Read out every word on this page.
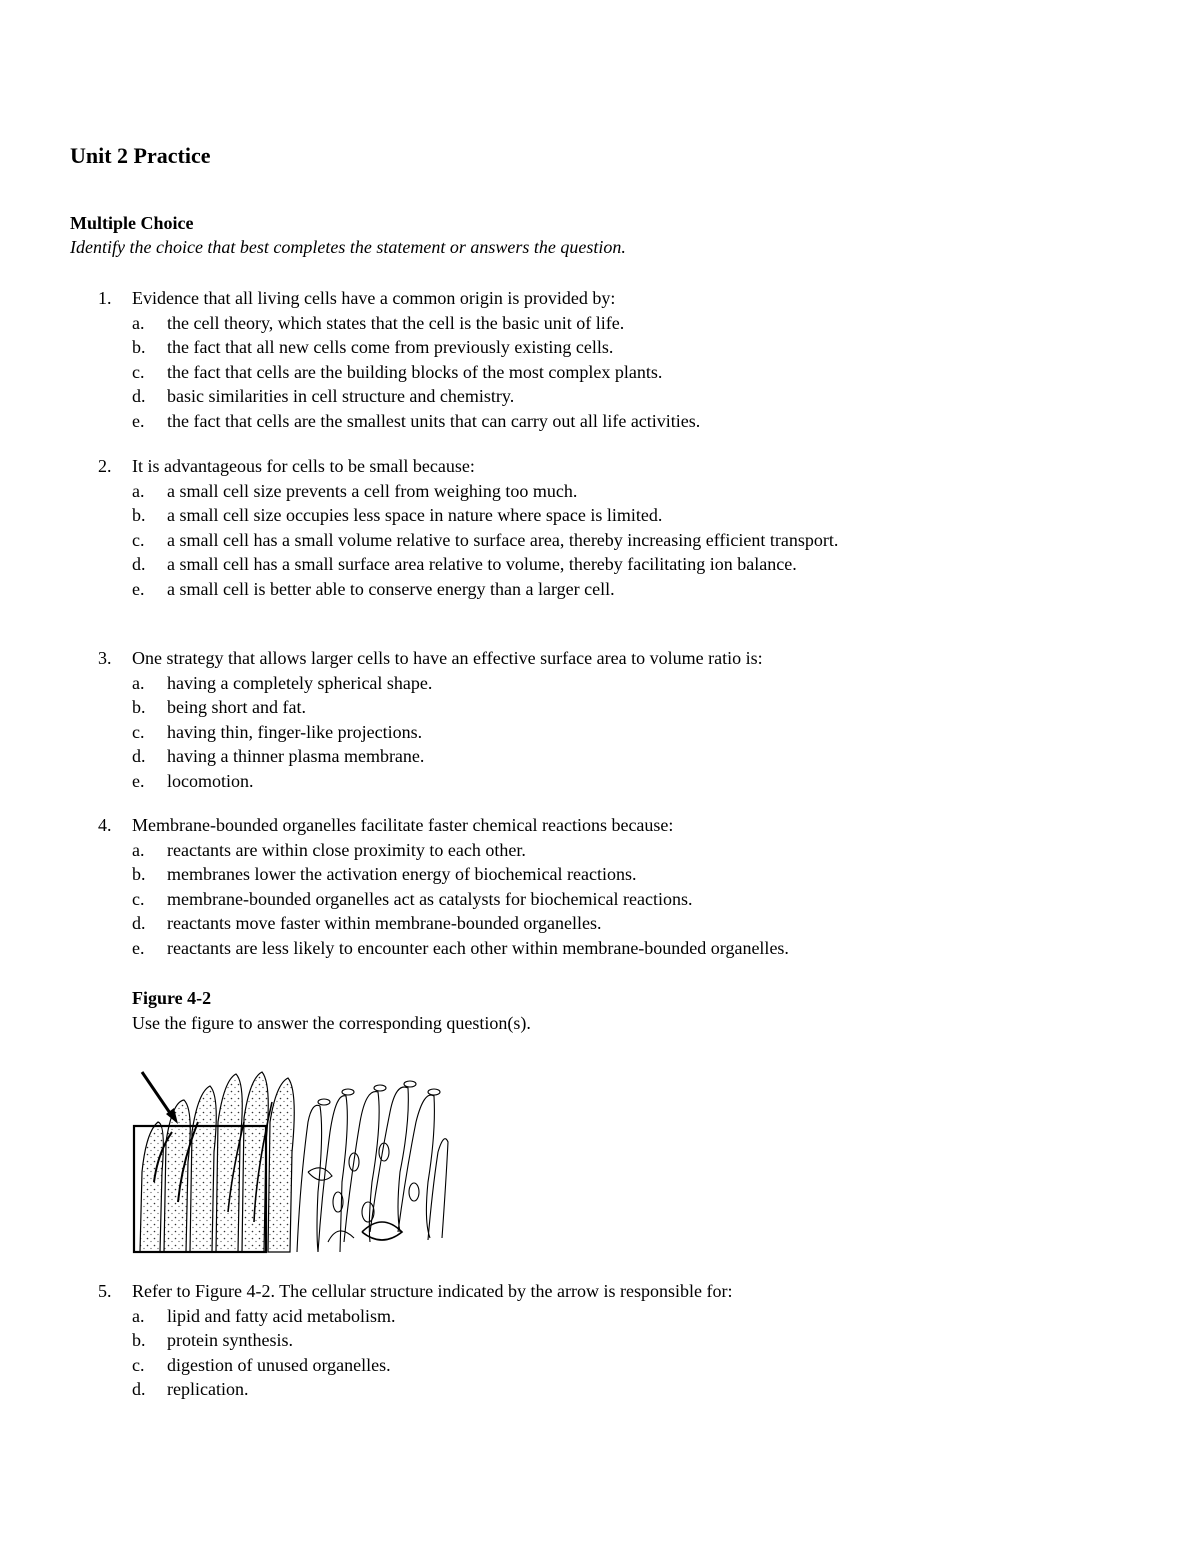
Unit 2 Practice
Multiple Choice
Identify the choice that best completes the statement or answers the question.
1.	Evidence that all living cells have a common origin is provided by:
a.	the cell theory, which states that the cell is the basic unit of life.
b.	the fact that all new cells come from previously existing cells.
c.	the fact that cells are the building blocks of the most complex plants.
d.	basic similarities in cell structure and chemistry.
e.	the fact that cells are the smallest units that can carry out all life activities.
2.	It is advantageous for cells to be small because:
a.	a small cell size prevents a cell from weighing too much.
b.	a small cell size occupies less space in nature where space is limited.
c.	a small cell has a small volume relative to surface area, thereby increasing efficient transport.
d.	a small cell has a small surface area relative to volume, thereby facilitating ion balance.
e.	a small cell is better able to conserve energy than a larger cell.
3.	One strategy that allows larger cells to have an effective surface area to volume ratio is:
a.	having a completely spherical shape.
b.	being short and fat.
c.	having thin, finger-like projections.
d.	having a thinner plasma membrane.
e.	locomotion.
4.	Membrane-bounded organelles facilitate faster chemical reactions because:
a.	reactants are within close proximity to each other.
b.	membranes lower the activation energy of biochemical reactions.
c.	membrane-bounded organelles act as catalysts for biochemical reactions.
d.	reactants move faster within membrane-bounded organelles.
e.	reactants are less likely to encounter each other within membrane-bounded organelles.
Figure 4-2
Use the figure to answer the corresponding question(s).
5.	Refer to Figure 4-2. The cellular structure indicated by the arrow is responsible for:
a.	lipid and fatty acid metabolism.
b.	protein synthesis.
c.	digestion of unused organelles.
d.	replication.
